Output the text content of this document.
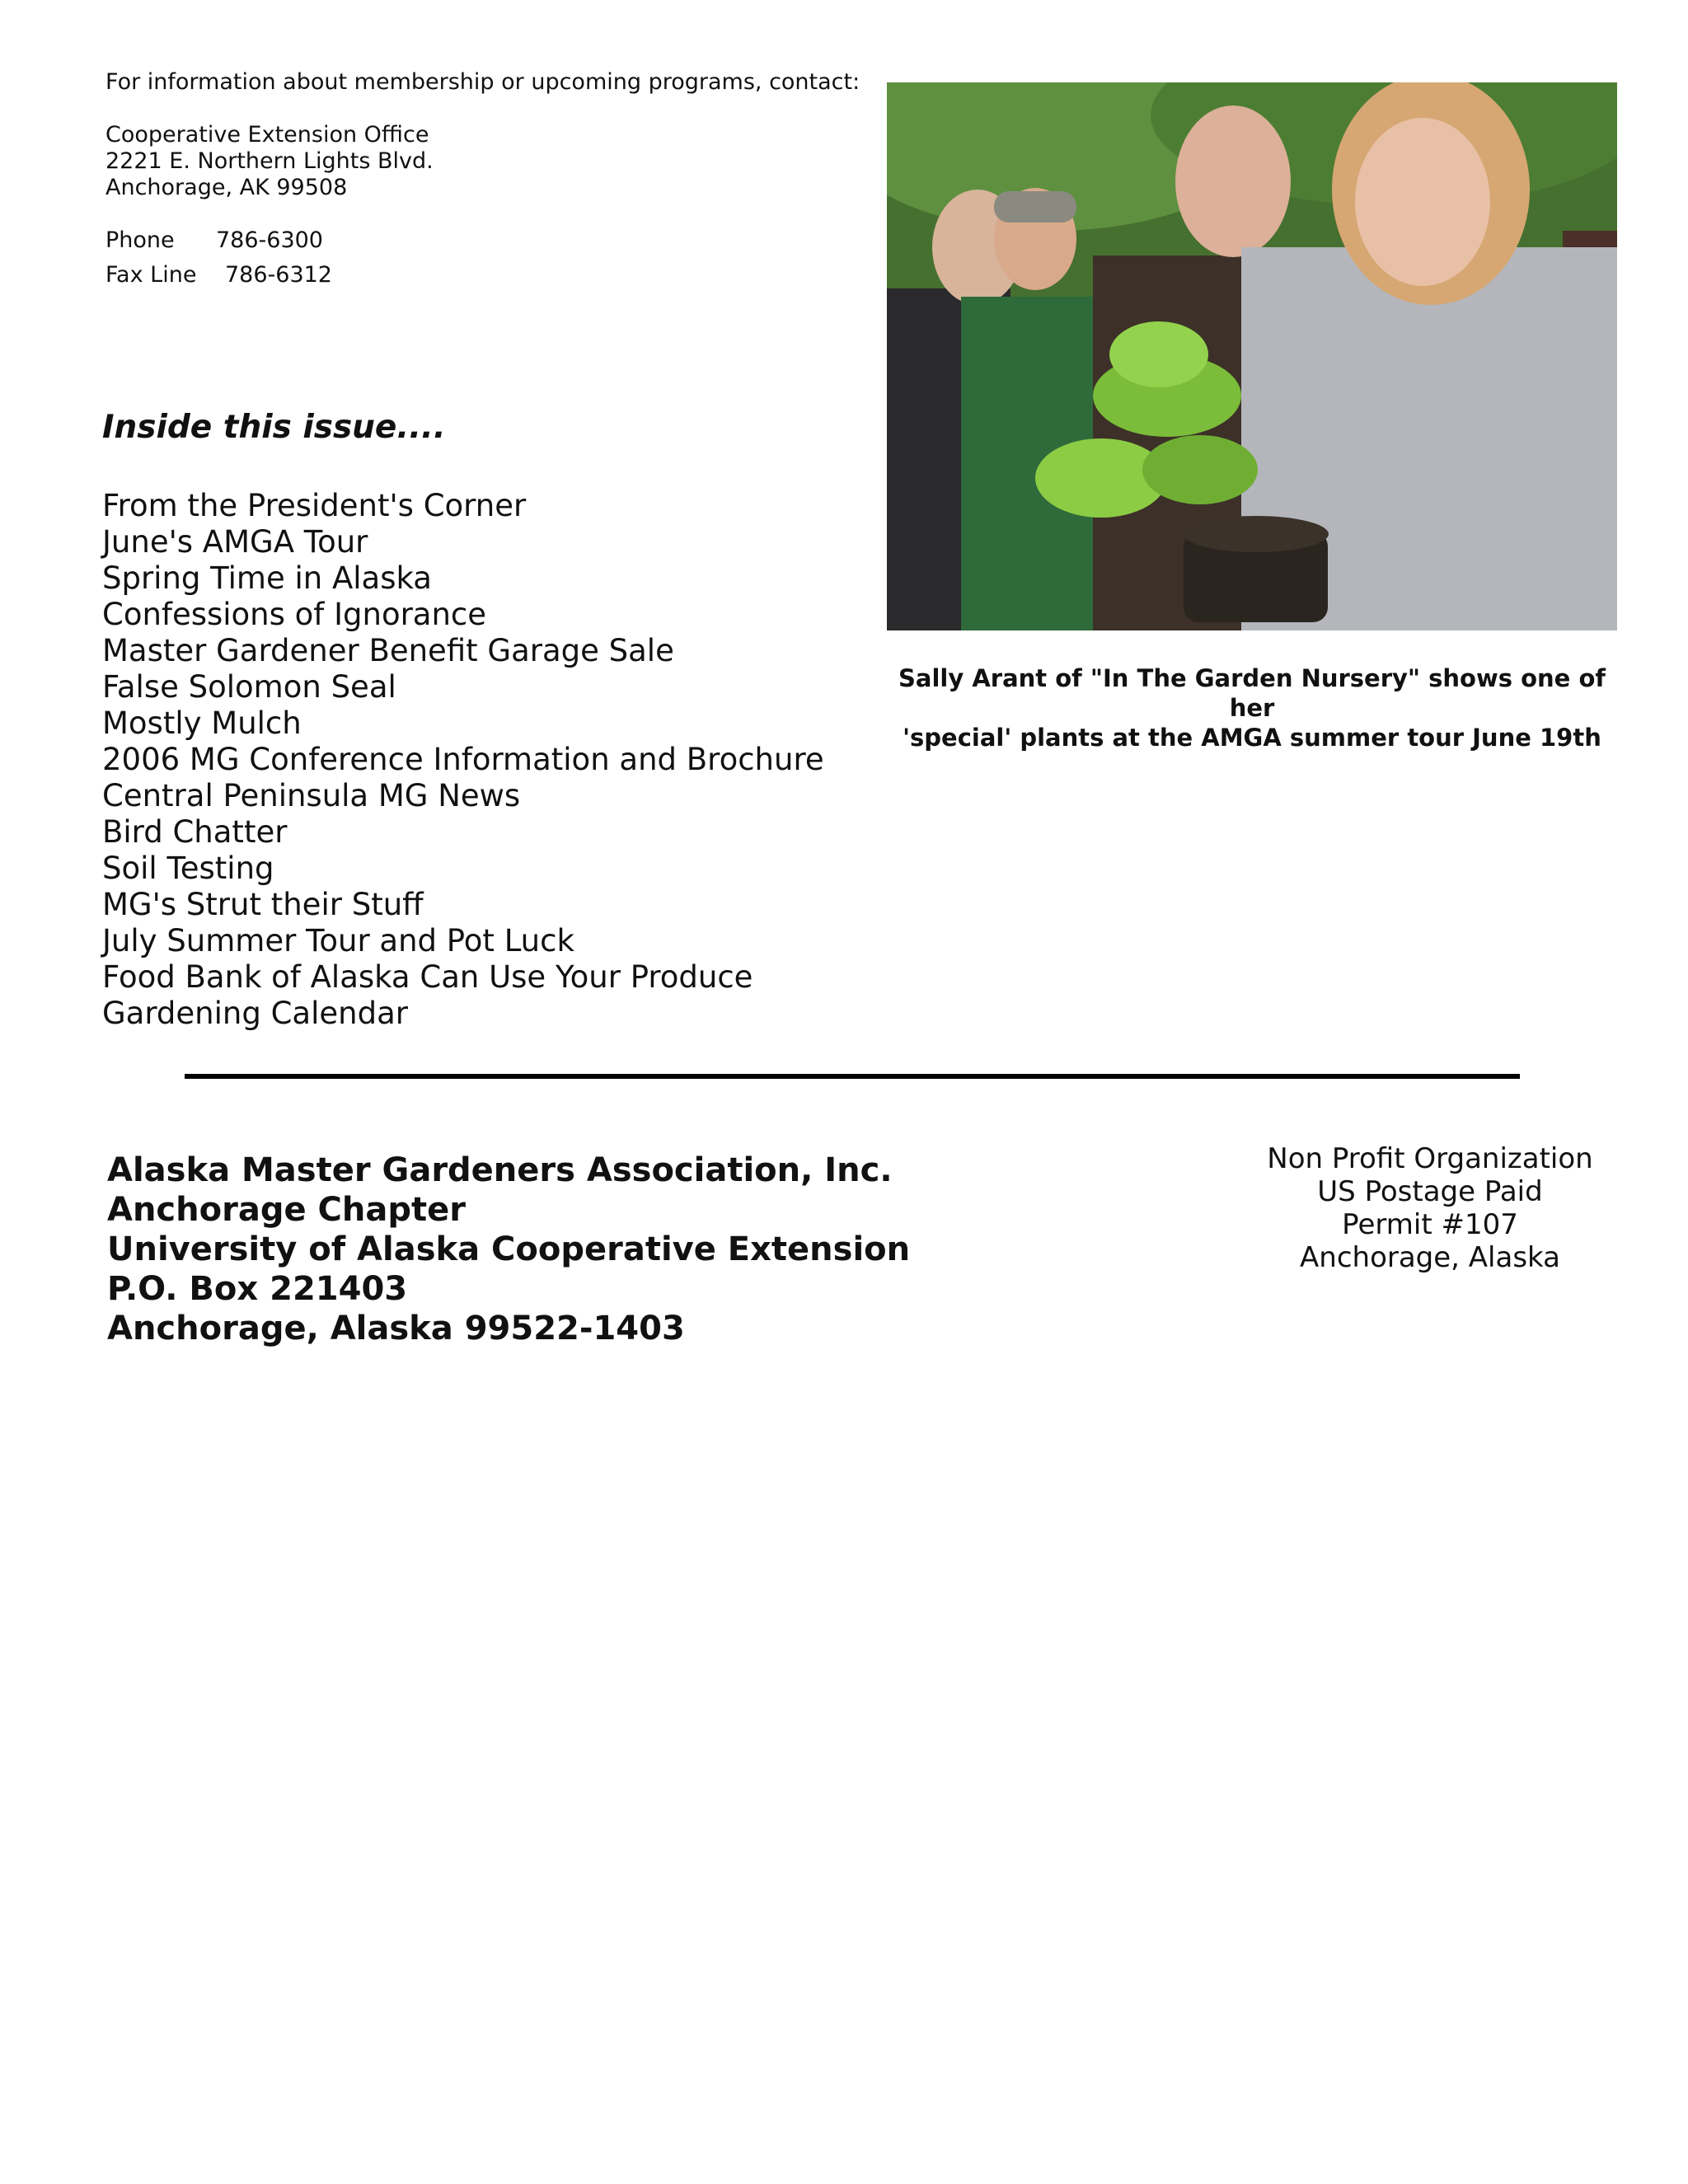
For information about membership or upcoming programs, contact:
Cooperative Extension Office
2221 E. Northern Lights Blvd.
Anchorage, AK 99508
Phone 786-6300
Fax Line 786-6312
Inside this issue....
From the President's Corner
June's AMGA Tour
Spring Time in Alaska
Confessions of Ignorance
Master Gardener Benefit Garage Sale
False Solomon Seal
Mostly Mulch
2006 MG Conference Information and Brochure
Central Peninsula MG News
Bird Chatter
Soil Testing
MG's Strut their Stuff
July Summer Tour and Pot Luck
Food Bank of Alaska Can Use Your Produce
Gardening Calendar
Sally Arant of "In The Garden Nursery" shows one of her
'special' plants at the AMGA summer tour June 19th
Alaska Master Gardeners Association, Inc.
Anchorage Chapter
University of Alaska Cooperative Extension
P.O. Box 221403
Anchorage, Alaska 99522-1403
Non Profit Organization
US Postage Paid
Permit #107
Anchorage, Alaska
